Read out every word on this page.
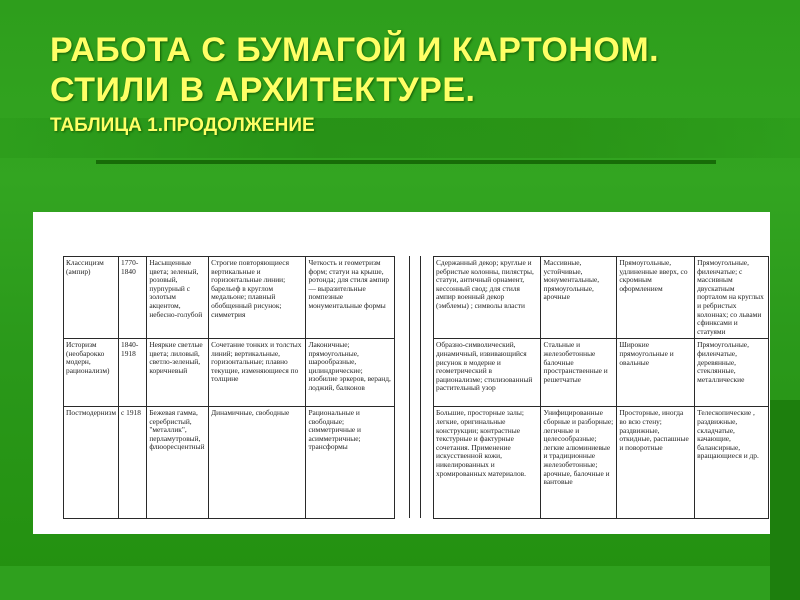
РАБОТА С БУМАГОЙ И КАРТОНОМ.
СТИЛИ В АРХИТЕКТУРЕ.
ТАБЛИЦА 1.ПРОДОЛЖЕНИЕ
Классицизм (ампир)	1770-1840	Насыщенные цвета; зеленый, розовый, пурпурный с золотым акцентом, небесно-голубой	Строгие повторяющиеся вертикальные и горизонтальные линии; барельеф в круглом медальоне; плавный обобщенный рисунок; симметрия	Четкость и геометризм форм; статуи на крыше, ротонда; для стиля ампир — выразительные помпезные монументальные формы
Историзм (необарокко модерн, рационализм)	1840-1918	Неяркие светлые цвета; лиловый, светло-зеленый, коричневый	Сочетание тонких и толстых линий; вертикальные, горизонтальные; плавно текущие, изменяющиеся по толщине	Лаконичные; прямоугольные, шарообразные, цилиндрические; изобилие эркеров, веранд, лоджий, балконов
Постмодернизм	с 1918	Бежевая гамма, серебристый, "металлик", перламутровый, флюоресцентный	Динамичные, свободные	Рациональные и свободные; симметричные и асимметричные; трансформы
Сдержанный декор; круглые и ребристые колонны, пилястры, статуи, античный орнамент, кессонный свод; для стиля ампир военный декор (эмблемы) ; символы власти	Массивные, устойчивые, монументальные, прямоугольные, арочные	Прямоугольные, удлиненные вверх, со скромным оформлением	Прямоугольные, филенчатые; с массивным двускатным порталом на круглых и ребристых колоннах; со львами сфинксами и статуями
Образно-символический, динамичный, извивающийся рисунок в модерне и геометрический в рационализме; стилизованный растительный узор	Стальные и железобетонные балочные пространственные и решетчатые	Широкие прямоугольные и овальные	Прямоугольные, филенчатые, деревянные, стеклянные, металлические
Большие, просторные залы; легкие, оригинальные конструкции; контрастные текстурные и фактурные сочетания. Применение искусственной кожи, никелированных и хромированных материалов.	Унифицированные сборные и разборные; легичные и целесообразные; легкие алюминиевые и традиционные железобетонные; арочные, балочные и вантовые	Просторные, иногда во всю стену; раздвижные, откидные, распашные и поворотные	Телескопические , раздвижные, складчатые, качающие, балансирные, вращающиеся и др.
